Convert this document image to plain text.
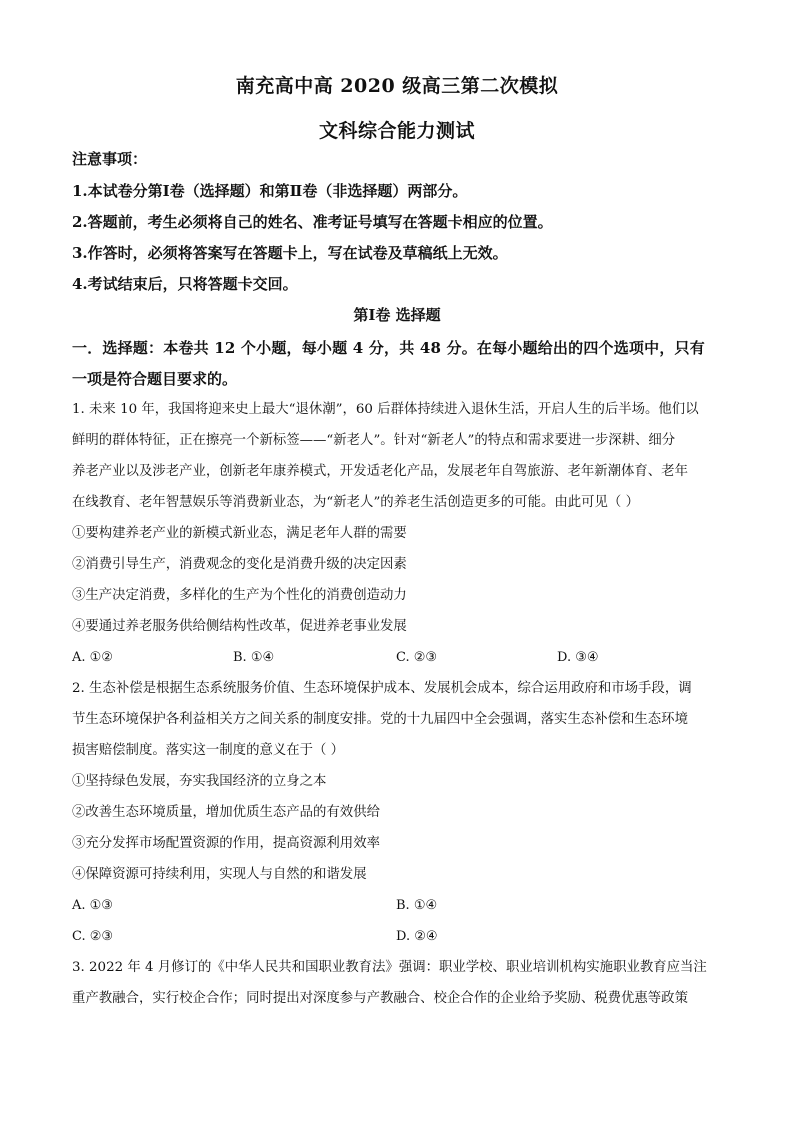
南充高中高 2020 级高三第二次模拟
文科综合能力测试
注意事项：
1.本试卷分第Ⅰ卷（选择题）和第Ⅱ卷（非选择题）两部分。
2.答题前，考生必须将自己的姓名、准考证号填写在答题卡相应的位置。
3.作答时，必须将答案写在答题卡上，写在试卷及草稿纸上无效。
4.考试结束后，只将答题卡交回。
第Ⅰ卷 选择题
一．选择题：本卷共 12 个小题，每小题 4 分，共 48 分。在每小题给出的四个选项中，只有
一项是符合题目要求的。
1. 未来 10 年，我国将迎来史上最大“退休潮”，60 后群体持续进入退休生活，开启人生的后半场。他们以
鲜明的群体特征，正在擦亮一个新标签——“新老人”。针对“新老人”的特点和需求要进一步深耕、细分
养老产业以及涉老产业，创新老年康养模式，开发适老化产品，发展老年自驾旅游、老年新潮体育、老年
在线教育、老年智慧娱乐等消费新业态，为“新老人”的养老生活创造更多的可能。由此可见（ ）
①要构建养老产业的新模式新业态，满足老年人群的需要
②消费引导生产，消费观念的变化是消费升级的决定因素
③生产决定消费，多样化的生产为个性化的消费创造动力
④要通过养老服务供给侧结构性改革，促进养老事业发展
A. ①②	B. ①④	C. ②③	D. ③④
2. 生态补偿是根据生态系统服务价值、生态环境保护成本、发展机会成本，综合运用政府和市场手段，调
节生态环境保护各利益相关方之间关系的制度安排。党的十九届四中全会强调，落实生态补偿和生态环境
损害赔偿制度。落实这一制度的意义在于（ ）
①坚持绿色发展，夯实我国经济的立身之本
②改善生态环境质量，增加优质生态产品的有效供给
③充分发挥市场配置资源的作用，提高资源利用效率
④保障资源可持续利用，实现人与自然的和谐发展
A. ①③	B. ①④
C. ②③	D. ②④
3. 2022 年 4 月修订的《中华人民共和国职业教育法》强调：职业学校、职业培训机构实施职业教育应当注
重产教融合，实行校企合作；同时提出对深度参与产教融合、校企合作的企业给予奖励、税费优惠等政策
